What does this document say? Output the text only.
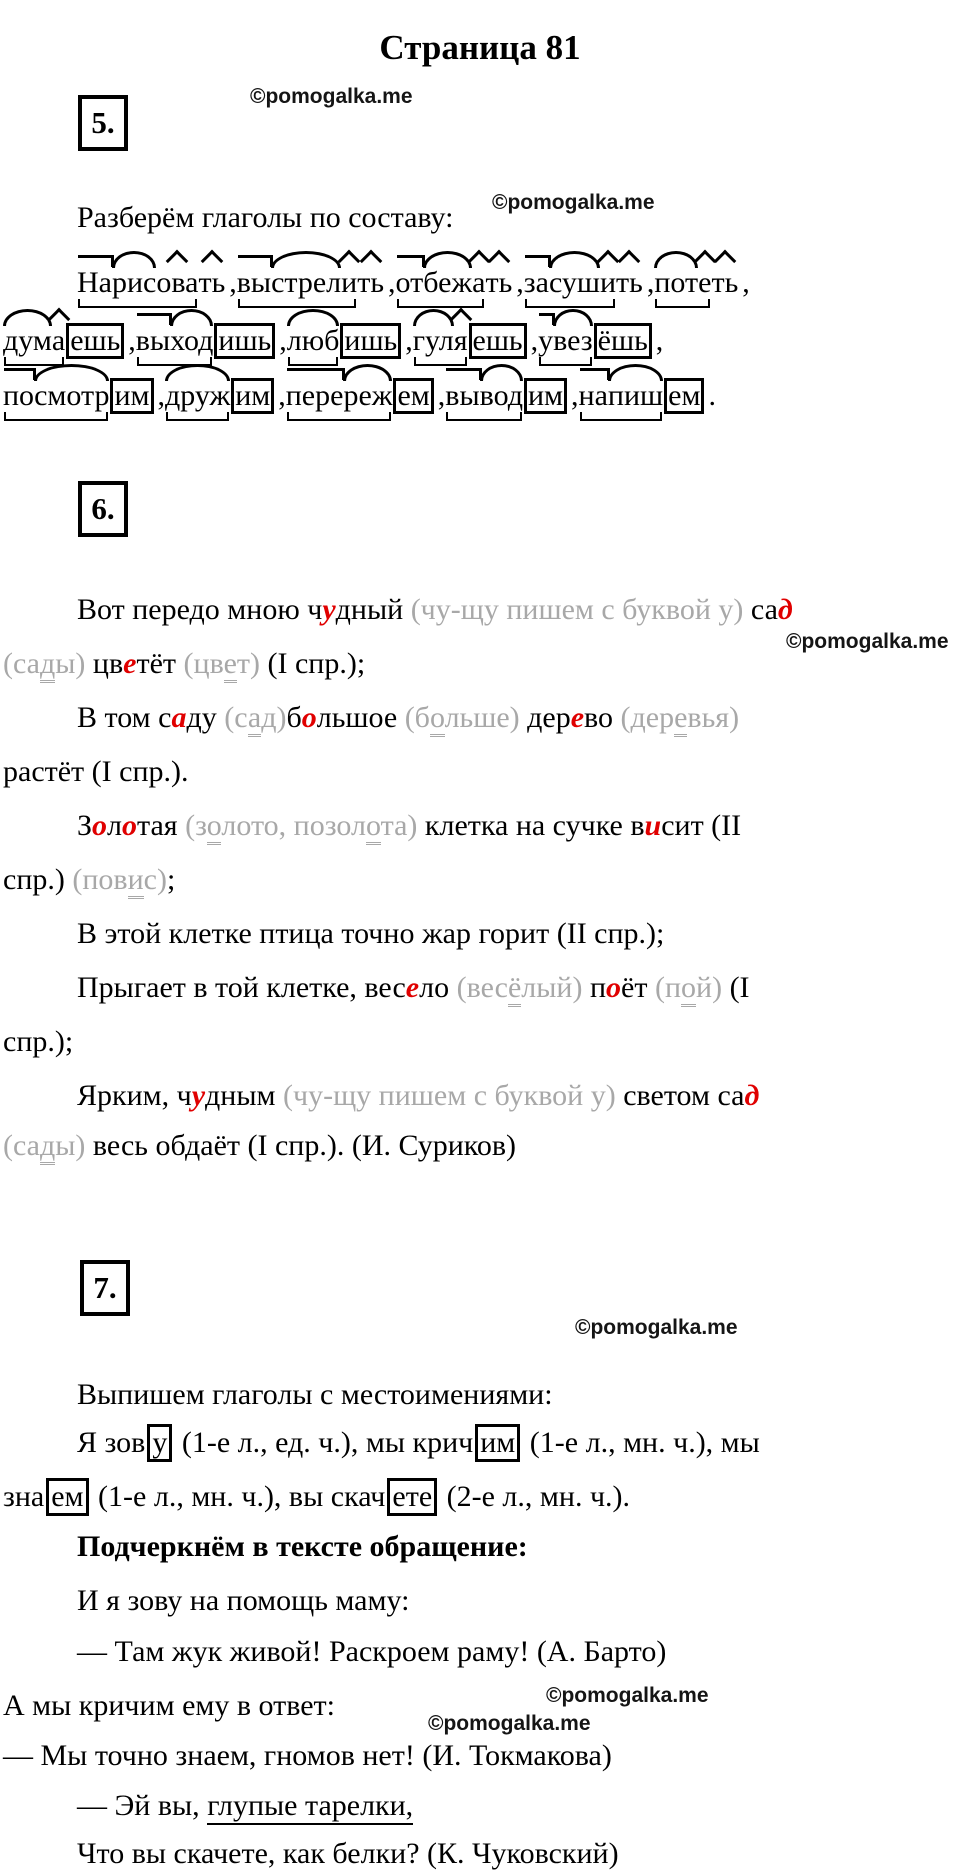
Страница 81
©pomogalka.me
©pomogalka.me
©pomogalka.me
©pomogalka.me
©pomogalka.me
©pomogalka.me
5.
6.
7.
Разберём глаголы по составу:
Нарисовать ,выстрелить ,отбежать ,засушить ,потеть ,
дума ешь ,выход ишь ,люб ишь ,гуля ешь ,увез ёшь ,
посмотр им ,друж им ,перереж ем ,вывод им ,напиш ем .
Вот передо мною чудный (чу-щу пишем с буквой у) сад
(сады) цветёт (цвет) (I спр.);
В том саду (сад)большое (больше) дерево (деревья)
растёт (I спр.).
Золотая (золото, позолота) клетка на сучке висит (II
спр.) (повис);
В этой клетке птица точно жар горит (II спр.);
Прыгает в той клетке, весело (весёлый) поёт (пой) (I
спр.);
Ярким, чудным (чу-щу пишем с буквой у) светом сад
(сады) весь обдаёт (I спр.). (И. Суриков)
Выпишем глаголы с местоимениями:
Я зов у (1-е л., ед. ч.), мы крич им (1-е л., мн. ч.), мы
зна ем (1-е л., мн. ч.), вы скач ете (2-е л., мн. ч.).
Подчеркнём в тексте обращение:
И я зову на помощь маму:
— Там жук живой! Раскроем раму! (А. Барто)
А мы кричим ему в ответ:
— Мы точно знаем, гномов нет! (И. Токмакова)
— Эй вы, глупые тарелки,
Что вы скачете, как белки? (К. Чуковский)
